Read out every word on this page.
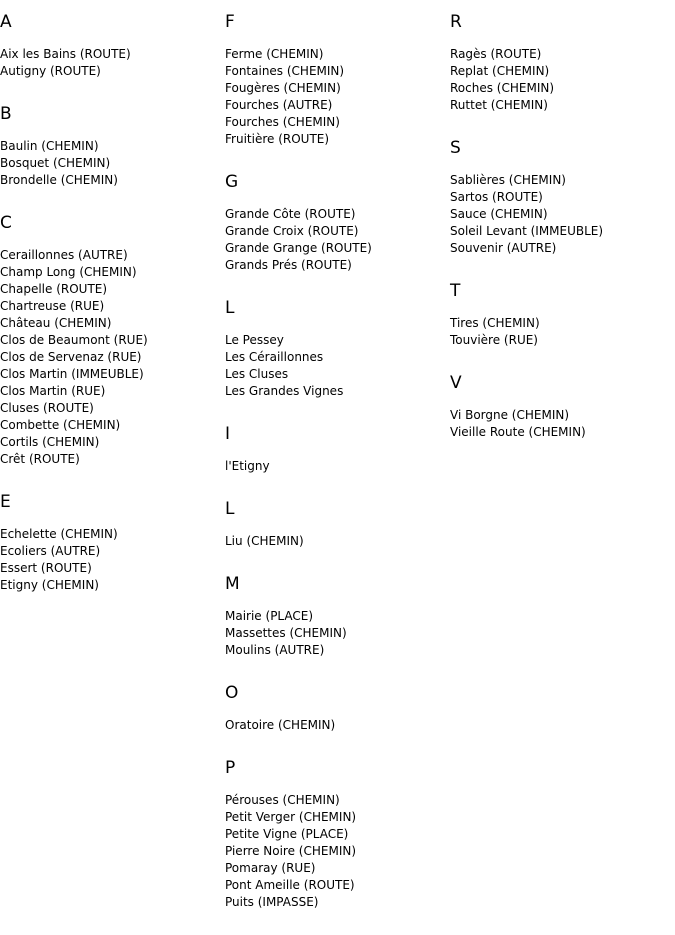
A
Aix les Bains (ROUTE)
Autigny (ROUTE)
B
Baulin (CHEMIN)
Bosquet (CHEMIN)
Brondelle (CHEMIN)
C
Ceraillonnes (AUTRE)
Champ Long (CHEMIN)
Chapelle (ROUTE)
Chartreuse (RUE)
Château (CHEMIN)
Clos de Beaumont (RUE)
Clos de Servenaz (RUE)
Clos Martin (IMMEUBLE)
Clos Martin (RUE)
Cluses (ROUTE)
Combette (CHEMIN)
Cortils (CHEMIN)
Crêt (ROUTE)
E
Echelette (CHEMIN)
Ecoliers (AUTRE)
Essert (ROUTE)
Etigny (CHEMIN)
F
Ferme (CHEMIN)
Fontaines (CHEMIN)
Fougères (CHEMIN)
Fourches (AUTRE)
Fourches (CHEMIN)
Fruitière (ROUTE)
G
Grande Côte (ROUTE)
Grande Croix (ROUTE)
Grande Grange (ROUTE)
Grands Prés (ROUTE)
L
Le Pessey
Les Céraillonnes
Les Cluses
Les Grandes Vignes
I
l'Etigny
L
Liu (CHEMIN)
M
Mairie (PLACE)
Massettes (CHEMIN)
Moulins (AUTRE)
O
Oratoire (CHEMIN)
P
Pérouses (CHEMIN)
Petit Verger (CHEMIN)
Petite Vigne (PLACE)
Pierre Noire (CHEMIN)
Pomaray (RUE)
Pont Ameille (ROUTE)
Puits (IMPASSE)
R
Ragès (ROUTE)
Replat (CHEMIN)
Roches (CHEMIN)
Ruttet (CHEMIN)
S
Sablières (CHEMIN)
Sartos (ROUTE)
Sauce (CHEMIN)
Soleil Levant (IMMEUBLE)
Souvenir (AUTRE)
T
Tires (CHEMIN)
Touvière (RUE)
V
Vi Borgne (CHEMIN)
Vieille Route (CHEMIN)
